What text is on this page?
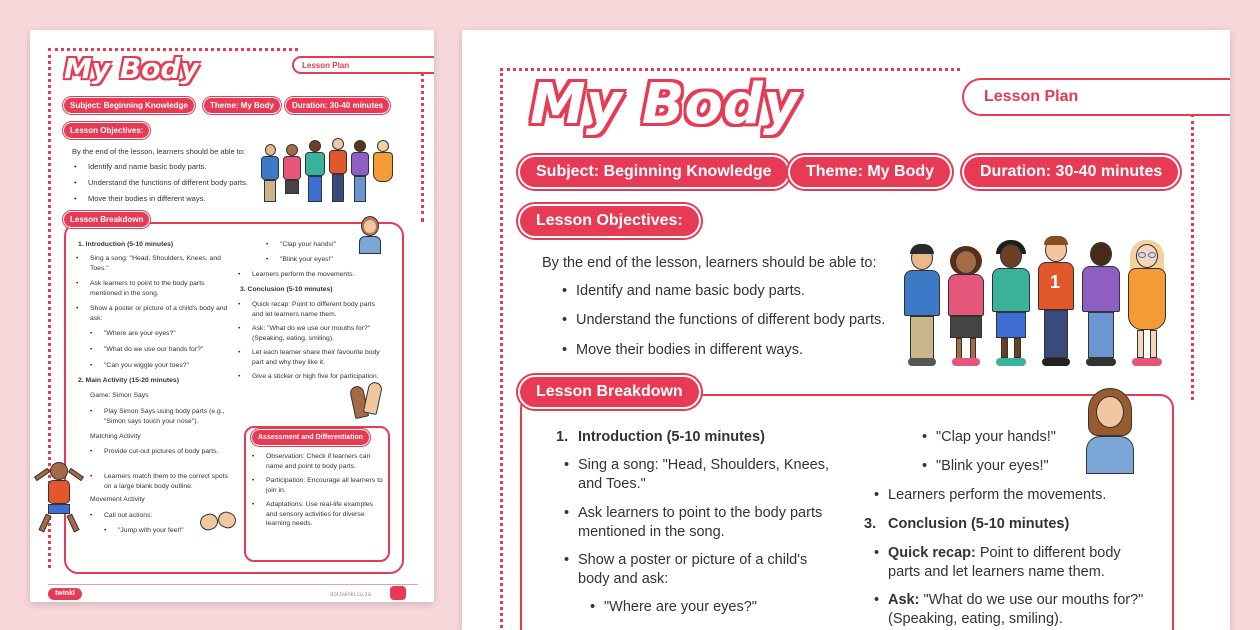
My Body	Lesson Plan
Subject: Beginning Knowledge	Theme: My Body	Duration: 30-40 minutes
Lesson Objectives:
By the end of the lesson, learners should be able to:
• Identify and name basic body parts.
• Understand the functions of different body parts.
• Move their bodies in different ways.
Lesson Breakdown
1. Introduction (5-10 minutes)
• Sing a song: "Head, Shoulders, Knees, and Toes."
• Ask learners to point to the body parts mentioned in the song.
• Show a poster or picture of a child's body and ask:
• "Where are your eyes?"
• "What do we use our hands for?"
• "Can you wiggle your toes?"
2. Main Activity (15-20 minutes)
Game: Simon Says
• Play Simon Says using body parts (e.g., "Simon says touch your nose").
Matching Activity
• Provide cut-out pictures of body parts.
• Learners match them to the correct spots on a large blank body outline.
Movement Activity
• Call out actions:
• "Jump with your feet!"
• "Clap your hands!"
• "Blink your eyes!"
• Learners perform the movements.
3. Conclusion (5-10 minutes)
• Quick recap: Point to different body parts and let learners name them.
• Ask: "What do we use our mouths for?" (Speaking, eating, smiling).
• Let each learner share their favourite body part and why they like it.
• Give a sticker or high five for participation.
Assessment and Differentiation
• Observation: Check if learners can name and point to body parts.
• Participation: Encourage all learners to join in.
• Adaptations: Use real-life examples and sensory activities for diverse learning needs.
twinkl	dot.twinkl.co.za
My Body	Lesson Plan
Subject: Beginning Knowledge	Theme: My Body	Duration: 30-40 minutes
Lesson Objectives:
By the end of the lesson, learners should be able to:
• Identify and name basic body parts.
• Understand the functions of different body parts.
• Move their bodies in different ways.
1
Lesson Breakdown
1. Introduction (5-10 minutes)
• Sing a song: "Head, Shoulders, Knees, and Toes."
• Ask learners to point to the body parts mentioned in the song.
• Show a poster or picture of a child's body and ask:
• "Where are your eyes?"
• "Clap your hands!"
• "Blink your eyes!"
• Learners perform the movements.
3. Conclusion (5-10 minutes)
• Quick recap: Point to different body parts and let learners name them.
• Ask: "What do we use our mouths for?" (Speaking, eating, smiling).
